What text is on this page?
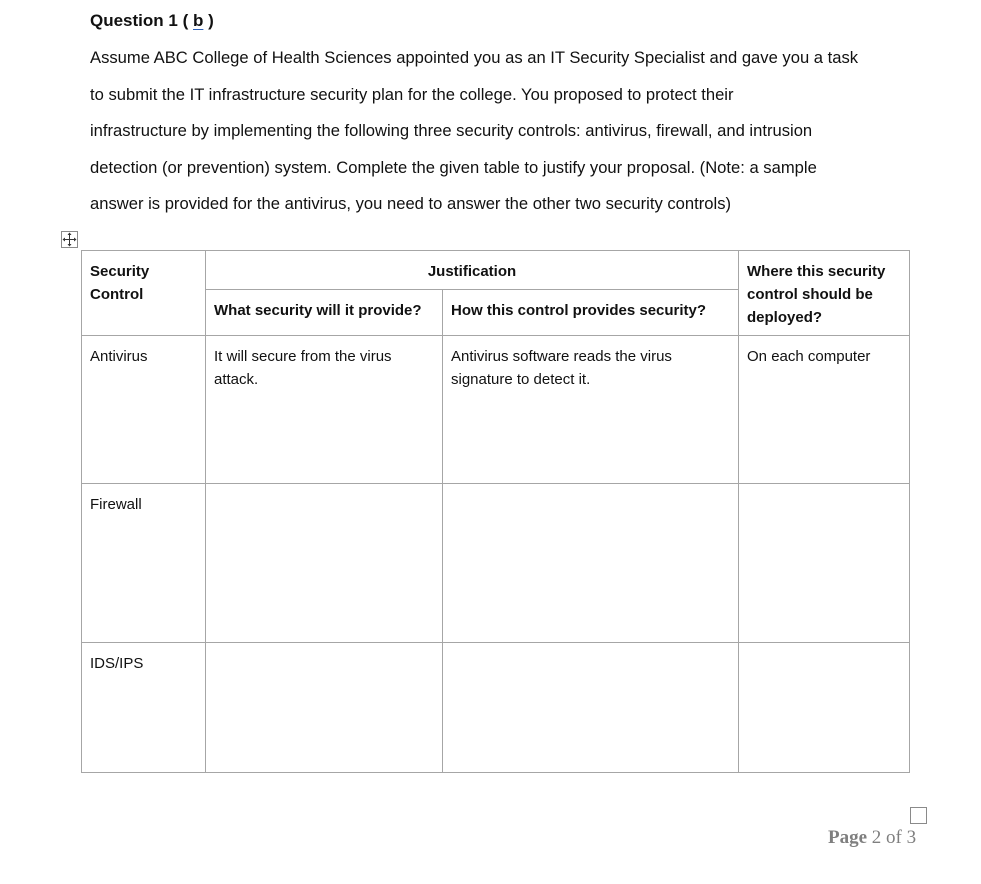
Question 1 ( b )

Assume ABC College of Health Sciences appointed you as an IT Security Specialist and gave you a task
to submit the IT infrastructure security plan for the college. You proposed to protect their
infrastructure by implementing the following three security controls: antivirus, firewall, and intrusion
detection (or prevention) system. Complete the given table to justify your proposal. (Note: a sample
answer is provided for the antivirus, you need to answer the other two security controls)

Security Control	Justification		Where this security control should be deployed?
	What security will it provide?	How this control provides security?	
Antivirus	It will secure from the virus attack.	Antivirus software reads the virus signature to detect it.	On each computer
Firewall			
IDS/IPS			
Page 2 of 3
